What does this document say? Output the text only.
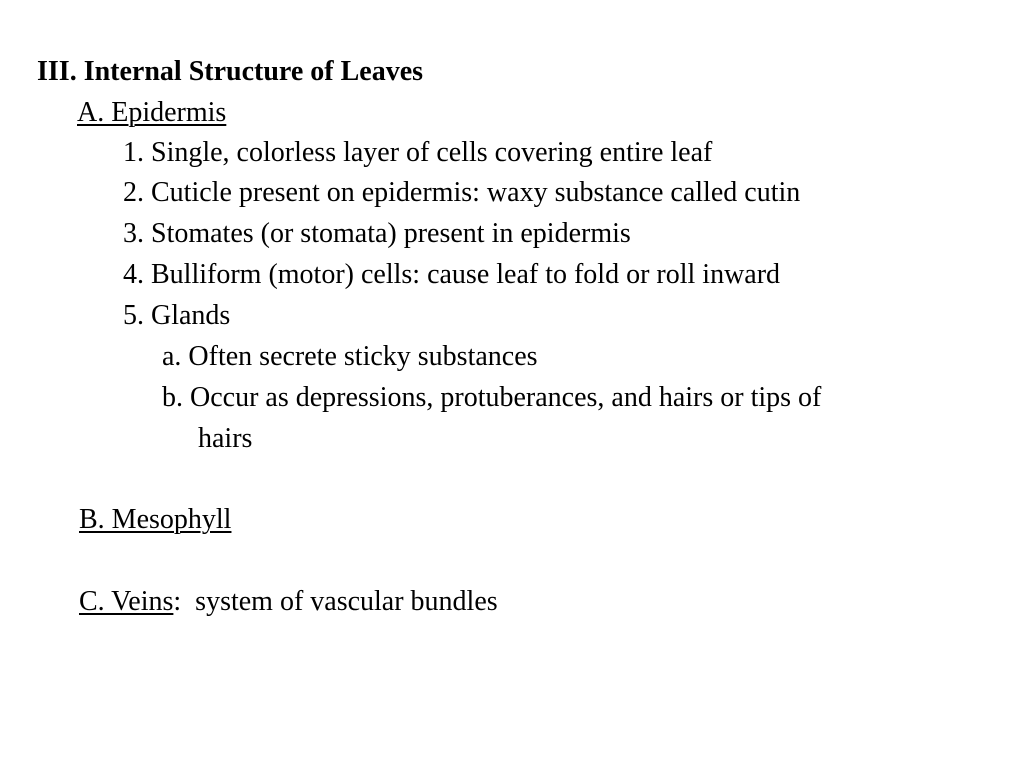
III. Internal Structure of Leaves
A. Epidermis
1. Single, colorless layer of cells covering entire leaf
2. Cuticle present on epidermis: waxy substance called cutin
3. Stomates (or stomata) present in epidermis
4. Bulliform (motor) cells: cause leaf to fold or roll inward
5. Glands
a. Often secrete sticky substances
b. Occur as depressions, protuberances, and hairs or tips of
hairs
B. Mesophyll
C. Veins:  system of vascular bundles
